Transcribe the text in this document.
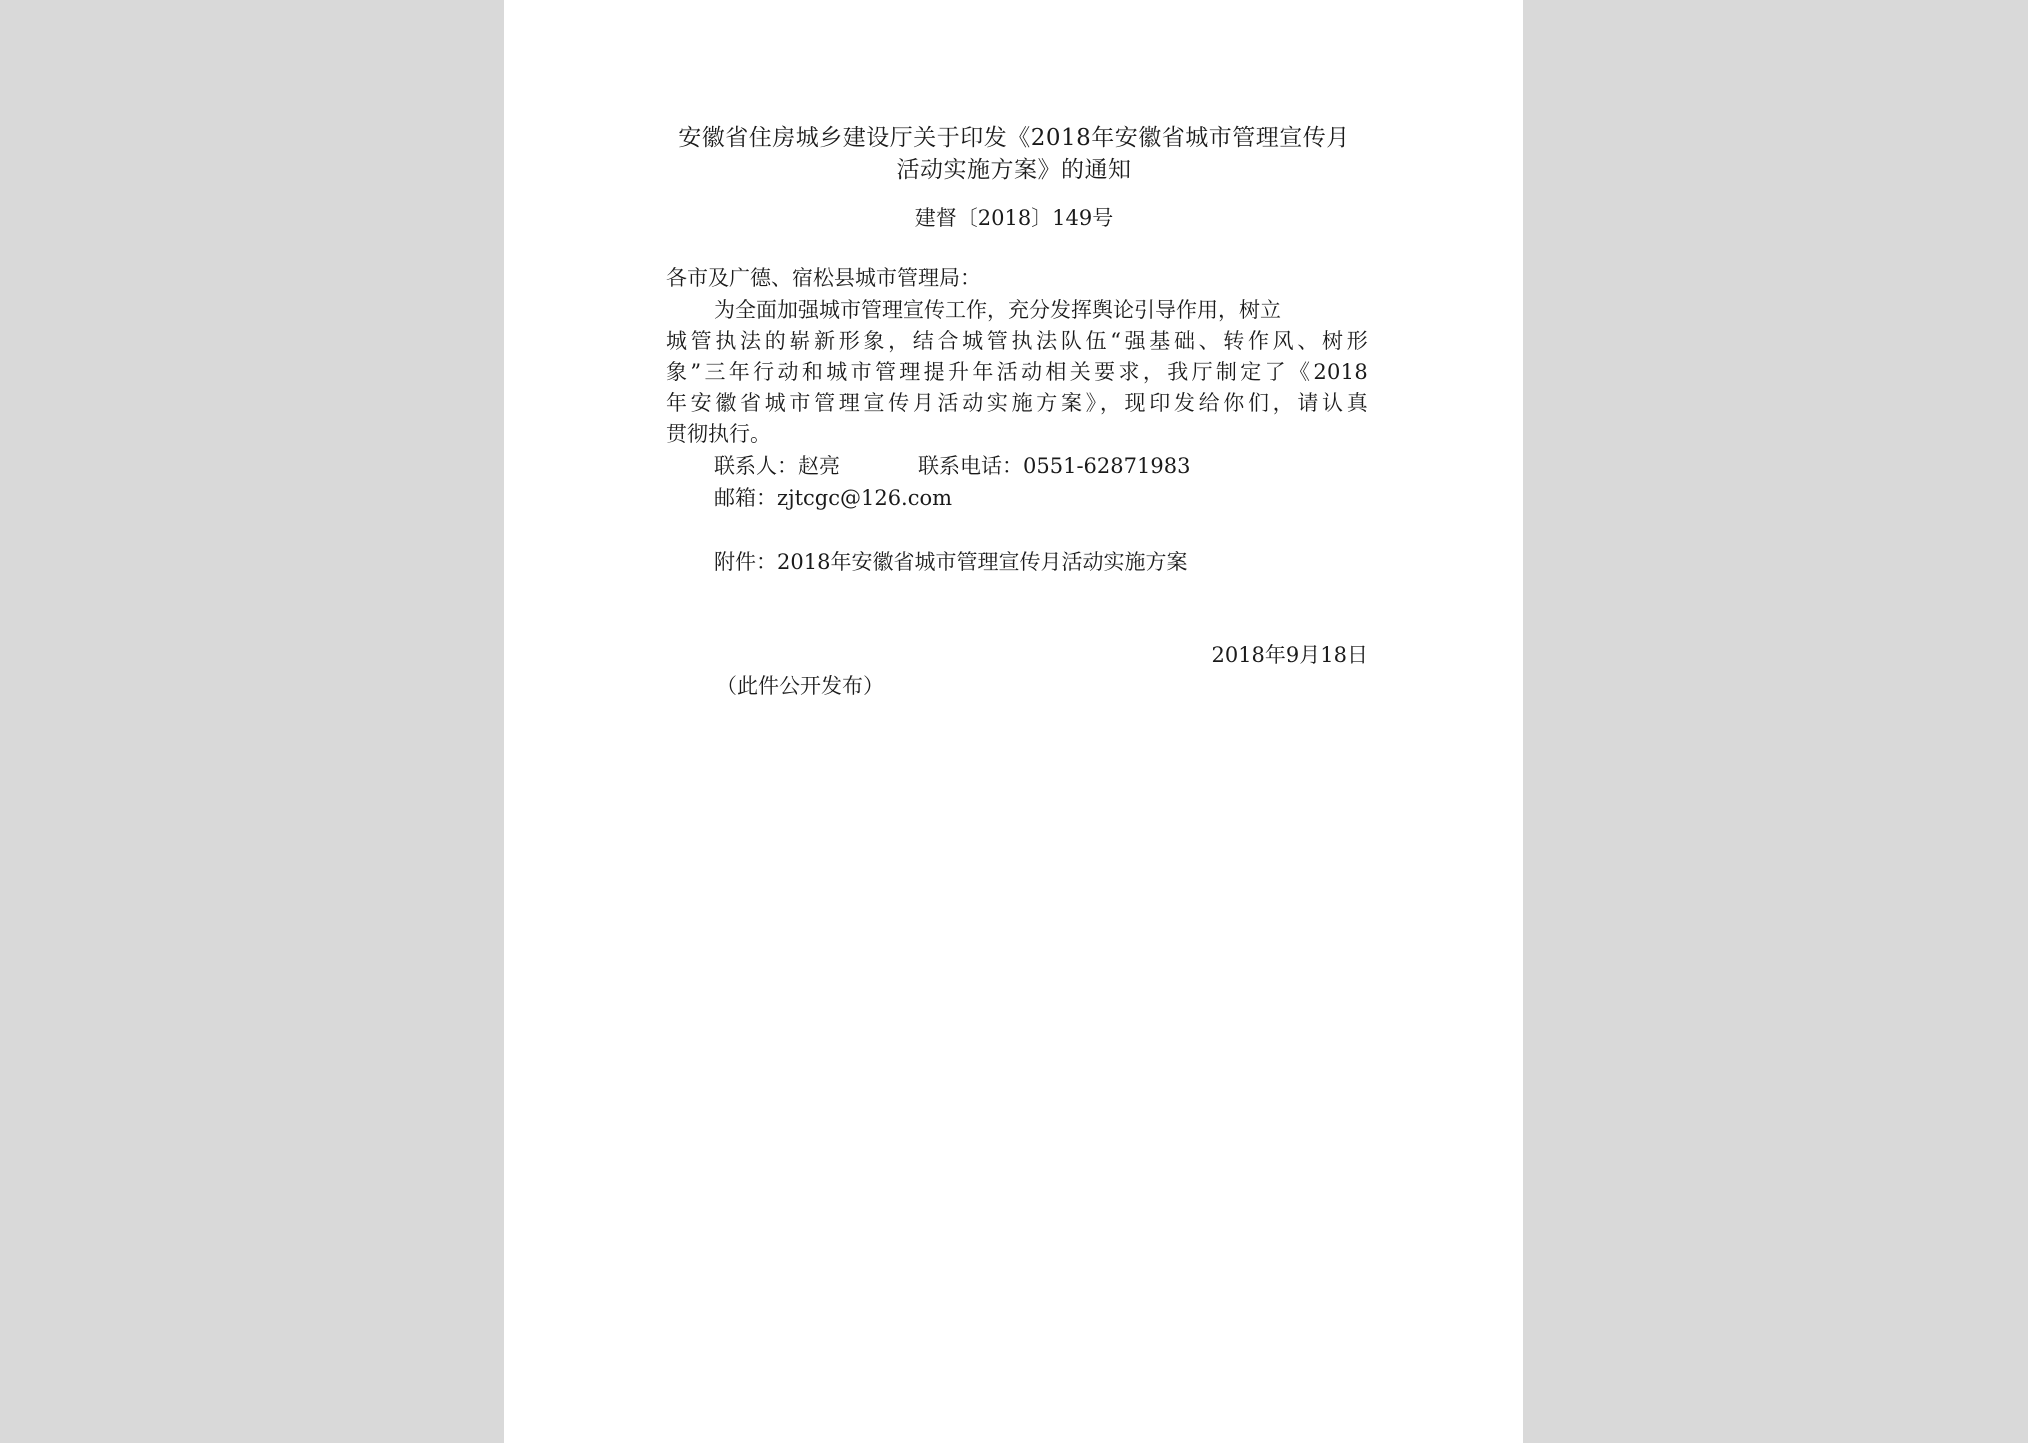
安徽省住房城乡建设厅关于印发《2018年安徽省城市管理宣传月
活动实施方案》的通知
建督〔2018〕149号
各市及广德、宿松县城市管理局：
为全面加强城市管理宣传工作，充分发挥舆论引导作用，树立
城管执法的崭新形象，结合城管执法队伍“强基础、转作风、树形
象”三年行动和城市管理提升年活动相关要求，我厅制定了《2018
年安徽省城市管理宣传月活动实施方案》，现印发给你们，请认真
贯彻执行。
联系人：赵亮	联系电话：0551-62871983
邮箱：zjtcgc@126.com
附件：2018年安徽省城市管理宣传月活动实施方案
2018年9月18日
（此件公开发布）
